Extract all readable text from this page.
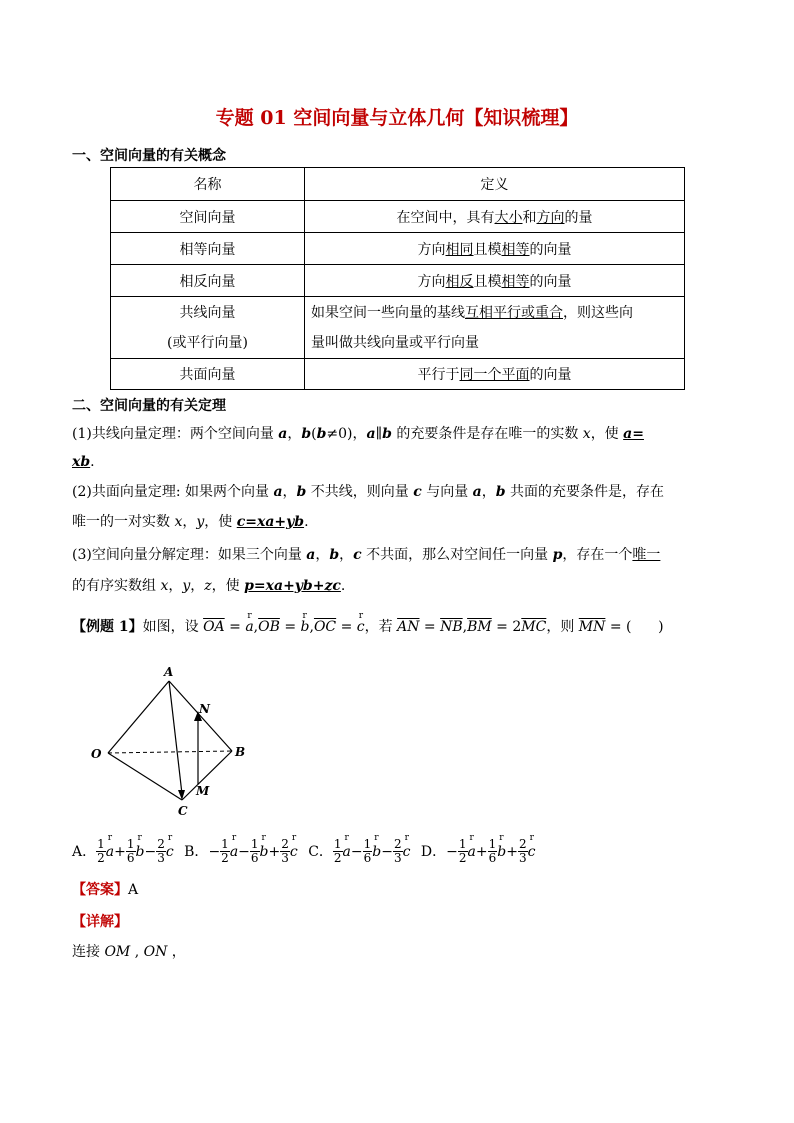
专题 01 空间向量与立体几何【知识梳理】
一、空间向量的有关概念
名称	定义
空间向量	在空间中，具有大小和方向的量
相等向量	方向相同且模相等的向量
相反向量	方向相反且模相等的向量
共线向量
(或平行向量)	如果空间一些向量的基线互相平行或重合，则这些向
量叫做共线向量或平行向量
共面向量	平行于同一个平面的向量
二、空间向量的有关定理
(1)共线向量定理：两个空间向量 a，b(b≠0)，a∥b 的充要条件是存在唯一的实数 x，使 a=
xb.
(2)共面向量定理: 如果两个向量 a，b 不共线，则向量 c 与向量 a，b 共面的充要条件是，存在
唯一的一对实数 x，y，使 c=xa+yb.
(3)空间向量分解定理：如果三个向量 a，b，c 不共面，那么对空间任一向量 p，存在一个唯一
的有序实数组 x，y，z，使 p=xa+yb+zc.
【例题 1】如图，设 $\overline{OA} = r$ $a,\overline{OB} = r$ $b,\overline{OC} = r$ c，若 $\overline{AN} = \overline{NB},\overline{BM} = 2\overline{MC}$，则 $\overline{MN}$ = (      )
A
N
O	B
M
C
A． $\frac{1}{2}$ r $a+ \frac{1}{6}$ r $b- \frac{2}{3}$ r c B．− $\frac{1}{2}$ r $a- \frac{1}{6}$ r $b+ \frac{2}{3}$ r c C． $\frac{1}{2}$ r $a- \frac{1}{6}$ r $b- \frac{2}{3}$ r c D．− $\frac{1}{2}$ r $a+ \frac{1}{6}$ r $b+ \frac{2}{3}$ r c
【答案】A
【详解】
连接 OM , ON ，
